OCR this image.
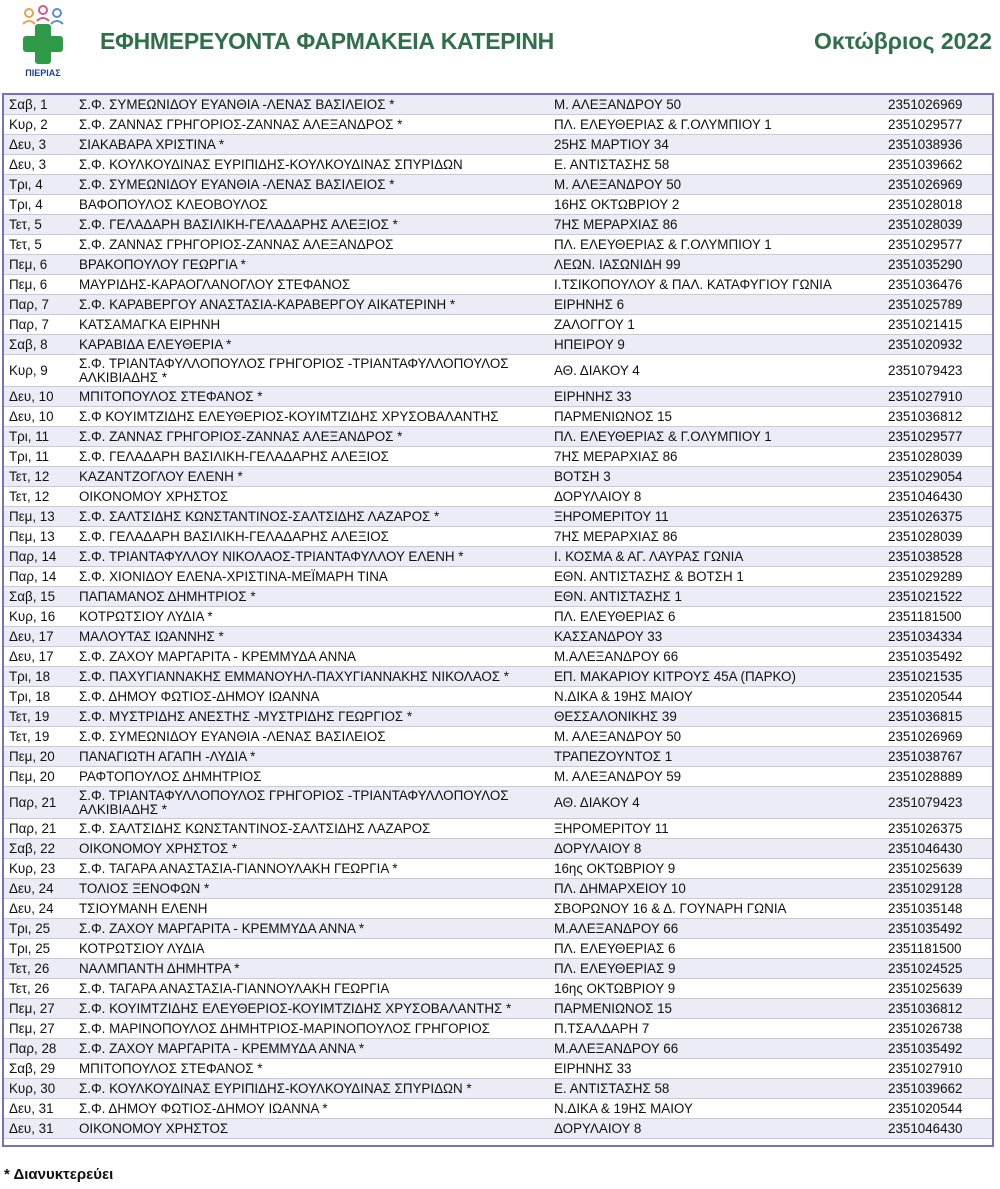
ΠΙΕΡΙΑΣ
ΕΦΗΜΕΡΕΥΟΝΤΑ ΦΑΡΜΑΚΕΙΑ ΚΑΤΕΡΙΝΗ	Οκτώβριος 2022
Σαβ, 1	Σ.Φ. ΣΥΜΕΩΝΙΔΟΥ ΕΥΑΝΘΙΑ -ΛΕΝΑΣ ΒΑΣΙΛΕΙΟΣ *	Μ. ΑΛΕΞΑΝΔΡΟΥ 50	2351026969
Κυρ, 2	Σ.Φ. ΖΑΝΝΑΣ ΓΡΗΓΟΡΙΟΣ-ΖΑΝΝΑΣ ΑΛΕΞΑΝΔΡΟΣ *	ΠΛ. ΕΛΕΥΘΕΡΙΑΣ & Γ.ΟΛΥΜΠΙΟΥ 1	2351029577
Δευ, 3	ΣΙΑΚΑΒΑΡΑ ΧΡΙΣΤΙΝΑ *	25ΗΣ ΜΑΡΤΙΟΥ 34	2351038936
Δευ, 3	Σ.Φ. ΚΟΥΛΚΟΥΔΙΝΑΣ ΕΥΡΙΠΙΔΗΣ-ΚΟΥΛΚΟΥΔΙΝΑΣ ΣΠΥΡΙΔΩΝ	Ε. ΑΝΤΙΣΤΑΣΗΣ 58	2351039662
Τρι, 4	Σ.Φ. ΣΥΜΕΩΝΙΔΟΥ ΕΥΑΝΘΙΑ -ΛΕΝΑΣ ΒΑΣΙΛΕΙΟΣ *	Μ. ΑΛΕΞΑΝΔΡΟΥ 50	2351026969
Τρι, 4	ΒΑΦΟΠΟΥΛΟΣ ΚΛΕΟΒΟΥΛΟΣ	16ΗΣ ΟΚΤΩΒΡΙΟΥ 2	2351028018
Τετ, 5	Σ.Φ. ΓΕΛΑΔΑΡΗ ΒΑΣΙΛΙΚΗ-ΓΕΛΑΔΑΡΗΣ ΑΛΕΞΙΟΣ *	7ΗΣ ΜΕΡΑΡΧΙΑΣ 86	2351028039
Τετ, 5	Σ.Φ. ΖΑΝΝΑΣ ΓΡΗΓΟΡΙΟΣ-ΖΑΝΝΑΣ ΑΛΕΞΑΝΔΡΟΣ	ΠΛ. ΕΛΕΥΘΕΡΙΑΣ & Γ.ΟΛΥΜΠΙΟΥ 1	2351029577
Πεμ, 6	ΒΡΑΚΟΠΟΥΛΟΥ ΓΕΩΡΓΙΑ *	ΛΕΩΝ. ΙΑΣΩΝΙΔΗ 99	2351035290
Πεμ, 6	ΜΑΥΡΙΔΗΣ-ΚΑΡΑΟΓΛΑΝΟΓΛΟΥ ΣΤΕΦΑΝΟΣ	Ι.ΤΣΙΚΟΠΟΥΛΟΥ & ΠΑΛ. ΚΑΤΑΦΥΓΙΟΥ ΓΩΝΙΑ	2351036476
Παρ, 7	Σ.Φ. ΚΑΡΑΒΕΡΓΟΥ ΑΝΑΣΤΑΣΙΑ-ΚΑΡΑΒΕΡΓΟΥ ΑΙΚΑΤΕΡΙΝΗ *	ΕΙΡΗΝΗΣ 6	2351025789
Παρ, 7	ΚΑΤΣΑΜΑΓΚΑ ΕΙΡΗΝΗ	ΖΑΛΟΓΓΟΥ 1	2351021415
Σαβ, 8	ΚΑΡΑΒΙΔΑ ΕΛΕΥΘΕΡΙΑ *	ΗΠΕΙΡΟΥ 9	2351020932
Κυρ, 9	Σ.Φ. ΤΡΙΑΝΤΑΦΥΛΛΟΠΟΥΛΟΣ ΓΡΗΓΟΡΙΟΣ -ΤΡΙΑΝΤΑΦΥΛΛΟΠΟΥΛΟΣ ΑΛΚΙΒΙΑΔΗΣ *	ΑΘ. ΔΙΑΚΟΥ 4	2351079423
Δευ, 10	ΜΠΙΤΟΠΟΥΛΟΣ ΣΤΕΦΑΝΟΣ *	ΕΙΡΗΝΗΣ 33	2351027910
Δευ, 10	Σ.Φ ΚΟΥΙΜΤΖΙΔΗΣ ΕΛΕΥΘΕΡΙΟΣ-ΚΟΥΙΜΤΖΙΔΗΣ ΧΡΥΣΟΒΑΛΑΝΤΗΣ	ΠΑΡΜΕΝΙΩΝΟΣ 15	2351036812
Τρι, 11	Σ.Φ. ΖΑΝΝΑΣ ΓΡΗΓΟΡΙΟΣ-ΖΑΝΝΑΣ ΑΛΕΞΑΝΔΡΟΣ *	ΠΛ. ΕΛΕΥΘΕΡΙΑΣ & Γ.ΟΛΥΜΠΙΟΥ 1	2351029577
Τρι, 11	Σ.Φ. ΓΕΛΑΔΑΡΗ ΒΑΣΙΛΙΚΗ-ΓΕΛΑΔΑΡΗΣ ΑΛΕΞΙΟΣ	7ΗΣ ΜΕΡΑΡΧΙΑΣ 86	2351028039
Τετ, 12	ΚΑΖΑΝΤΖΟΓΛΟΥ ΕΛΕΝΗ *	ΒΟΤΣΗ 3	2351029054
Τετ, 12	ΟΙΚΟΝΟΜΟΥ ΧΡΗΣΤΟΣ	ΔΟΡΥΛΑΙΟΥ 8	2351046430
Πεμ, 13	Σ.Φ. ΣΑΛΤΣΙΔΗΣ ΚΩΝΣΤΑΝΤΙΝΟΣ-ΣΑΛΤΣΙΔΗΣ ΛΑΖΑΡΟΣ *	ΞΗΡΟΜΕΡΙΤΟΥ 11	2351026375
Πεμ, 13	Σ.Φ. ΓΕΛΑΔΑΡΗ ΒΑΣΙΛΙΚΗ-ΓΕΛΑΔΑΡΗΣ ΑΛΕΞΙΟΣ	7ΗΣ ΜΕΡΑΡΧΙΑΣ 86	2351028039
Παρ, 14	Σ.Φ. ΤΡΙΑΝΤΑΦΥΛΛΟΥ ΝΙΚΟΛΑΟΣ-ΤΡΙΑΝΤΑΦΥΛΛΟΥ ΕΛΕΝΗ *	Ι. ΚΟΣΜΑ & ΑΓ. ΛΑΥΡΑΣ ΓΩΝΙΑ	2351038528
Παρ, 14	Σ.Φ. ΧΙΟΝΙΔΟΥ ΕΛΕΝΑ-ΧΡΙΣΤΙΝΑ-ΜΕΪΜΑΡΗ ΤΙΝΑ	ΕΘΝ. ΑΝΤΙΣΤΑΣΗΣ & ΒΟΤΣΗ 1	2351029289
Σαβ, 15	ΠΑΠΑΜΑΝΟΣ ΔΗΜΗΤΡΙΟΣ *	ΕΘΝ. ΑΝΤΙΣΤΑΣΗΣ 1	2351021522
Κυρ, 16	ΚΟΤΡΩΤΣΙΟΥ ΛΥΔΙΑ *	ΠΛ. ΕΛΕΥΘΕΡΙΑΣ 6	2351181500
Δευ, 17	ΜΑΛΟΥΤΑΣ ΙΩΑΝΝΗΣ *	ΚΑΣΣΑΝΔΡΟΥ 33	2351034334
Δευ, 17	Σ.Φ. ΖΑΧΟΥ ΜΑΡΓΑΡΙΤΑ - ΚΡΕΜΜΥΔΑ ΑΝΝΑ	Μ.ΑΛΕΞΑΝΔΡΟΥ 66	2351035492
Τρι, 18	Σ.Φ. ΠΑΧΥΓΙΑΝΝΑΚΗΣ ΕΜΜΑΝΟΥΗΛ-ΠΑΧΥΓΙΑΝΝΑΚΗΣ ΝΙΚΟΛΑΟΣ *	ΕΠ. ΜΑΚΑΡΙΟΥ ΚΙΤΡΟΥΣ 45Α (ΠΑΡΚΟ)	2351021535
Τρι, 18	Σ.Φ. ΔΗΜΟΥ ΦΩΤΙΟΣ-ΔΗΜΟΥ ΙΩΑΝΝΑ	Ν.ΔΙΚΑ & 19ΗΣ ΜΑΙΟΥ	2351020544
Τετ, 19	Σ.Φ. ΜΥΣΤΡΙΔΗΣ ΑΝΕΣΤΗΣ -ΜΥΣΤΡΙΔΗΣ ΓΕΩΡΓΙΟΣ *	ΘΕΣΣΑΛΟΝΙΚΗΣ 39	2351036815
Τετ, 19	Σ.Φ. ΣΥΜΕΩΝΙΔΟΥ ΕΥΑΝΘΙΑ -ΛΕΝΑΣ ΒΑΣΙΛΕΙΟΣ	Μ. ΑΛΕΞΑΝΔΡΟΥ 50	2351026969
Πεμ, 20	ΠΑΝΑΓΙΩΤΗ ΑΓΑΠΗ -ΛΥΔΙΑ *	ΤΡΑΠΕΖΟΥΝΤΟΣ 1	2351038767
Πεμ, 20	ΡΑΦΤΟΠΟΥΛΟΣ ΔΗΜΗΤΡΙΟΣ	Μ. ΑΛΕΞΑΝΔΡΟΥ 59	2351028889
Παρ, 21	Σ.Φ. ΤΡΙΑΝΤΑΦΥΛΛΟΠΟΥΛΟΣ ΓΡΗΓΟΡΙΟΣ -ΤΡΙΑΝΤΑΦΥΛΛΟΠΟΥΛΟΣ ΑΛΚΙΒΙΑΔΗΣ *	ΑΘ. ΔΙΑΚΟΥ 4	2351079423
Παρ, 21	Σ.Φ. ΣΑΛΤΣΙΔΗΣ ΚΩΝΣΤΑΝΤΙΝΟΣ-ΣΑΛΤΣΙΔΗΣ ΛΑΖΑΡΟΣ	ΞΗΡΟΜΕΡΙΤΟΥ 11	2351026375
Σαβ, 22	ΟΙΚΟΝΟΜΟΥ ΧΡΗΣΤΟΣ *	ΔΟΡΥΛΑΙΟΥ 8	2351046430
Κυρ, 23	Σ.Φ. ΤΑΓΑΡΑ ΑΝΑΣΤΑΣΙΑ-ΓΙΑΝΝΟΥΛΑΚΗ ΓΕΩΡΓΙΑ *	16ης ΟΚΤΩΒΡΙΟΥ 9	2351025639
Δευ, 24	ΤΟΛΙΟΣ ΞΕΝΟΦΩΝ *	ΠΛ. ΔΗΜΑΡΧΕΙΟΥ 10	2351029128
Δευ, 24	ΤΣΙΟΥΜΑΝΗ ΕΛΕΝΗ	ΣΒΟΡΩΝΟΥ 16 & Δ. ΓΟΥΝΑΡΗ ΓΩΝΙΑ	2351035148
Τρι, 25	Σ.Φ. ΖΑΧΟΥ ΜΑΡΓΑΡΙΤΑ - ΚΡΕΜΜΥΔΑ ΑΝΝΑ *	Μ.ΑΛΕΞΑΝΔΡΟΥ 66	2351035492
Τρι, 25	ΚΟΤΡΩΤΣΙΟΥ ΛΥΔΙΑ	ΠΛ. ΕΛΕΥΘΕΡΙΑΣ 6	2351181500
Τετ, 26	ΝΑΛΜΠΑΝΤΗ ΔΗΜΗΤΡΑ *	ΠΛ. ΕΛΕΥΘΕΡΙΑΣ 9	2351024525
Τετ, 26	Σ.Φ. ΤΑΓΑΡΑ ΑΝΑΣΤΑΣΙΑ-ΓΙΑΝΝΟΥΛΑΚΗ ΓΕΩΡΓΙΑ	16ης ΟΚΤΩΒΡΙΟΥ 9	2351025639
Πεμ, 27	Σ.Φ. ΚΟΥΙΜΤΖΙΔΗΣ ΕΛΕΥΘΕΡΙΟΣ-ΚΟΥΙΜΤΖΙΔΗΣ ΧΡΥΣΟΒΑΛΑΝΤΗΣ *	ΠΑΡΜΕΝΙΩΝΟΣ 15	2351036812
Πεμ, 27	Σ.Φ. ΜΑΡΙΝΟΠΟΥΛΟΣ ΔΗΜΗΤΡΙΟΣ-ΜΑΡΙΝΟΠΟΥΛΟΣ ΓΡΗΓΟΡΙΟΣ	Π.ΤΣΑΛΔΑΡΗ 7	2351026738
Παρ, 28	Σ.Φ. ΖΑΧΟΥ ΜΑΡΓΑΡΙΤΑ - ΚΡΕΜΜΥΔΑ ΑΝΝΑ *	Μ.ΑΛΕΞΑΝΔΡΟΥ 66	2351035492
Σαβ, 29	ΜΠΙΤΟΠΟΥΛΟΣ ΣΤΕΦΑΝΟΣ *	ΕΙΡΗΝΗΣ 33	2351027910
Κυρ, 30	Σ.Φ. ΚΟΥΛΚΟΥΔΙΝΑΣ ΕΥΡΙΠΙΔΗΣ-ΚΟΥΛΚΟΥΔΙΝΑΣ ΣΠΥΡΙΔΩΝ *	Ε. ΑΝΤΙΣΤΑΣΗΣ 58	2351039662
Δευ, 31	Σ.Φ. ΔΗΜΟΥ ΦΩΤΙΟΣ-ΔΗΜΟΥ ΙΩΑΝΝΑ *	Ν.ΔΙΚΑ & 19ΗΣ ΜΑΙΟΥ	2351020544
Δευ, 31	ΟΙΚΟΝΟΜΟΥ ΧΡΗΣΤΟΣ	ΔΟΡΥΛΑΙΟΥ 8	2351046430
* Διανυκτερεύει
